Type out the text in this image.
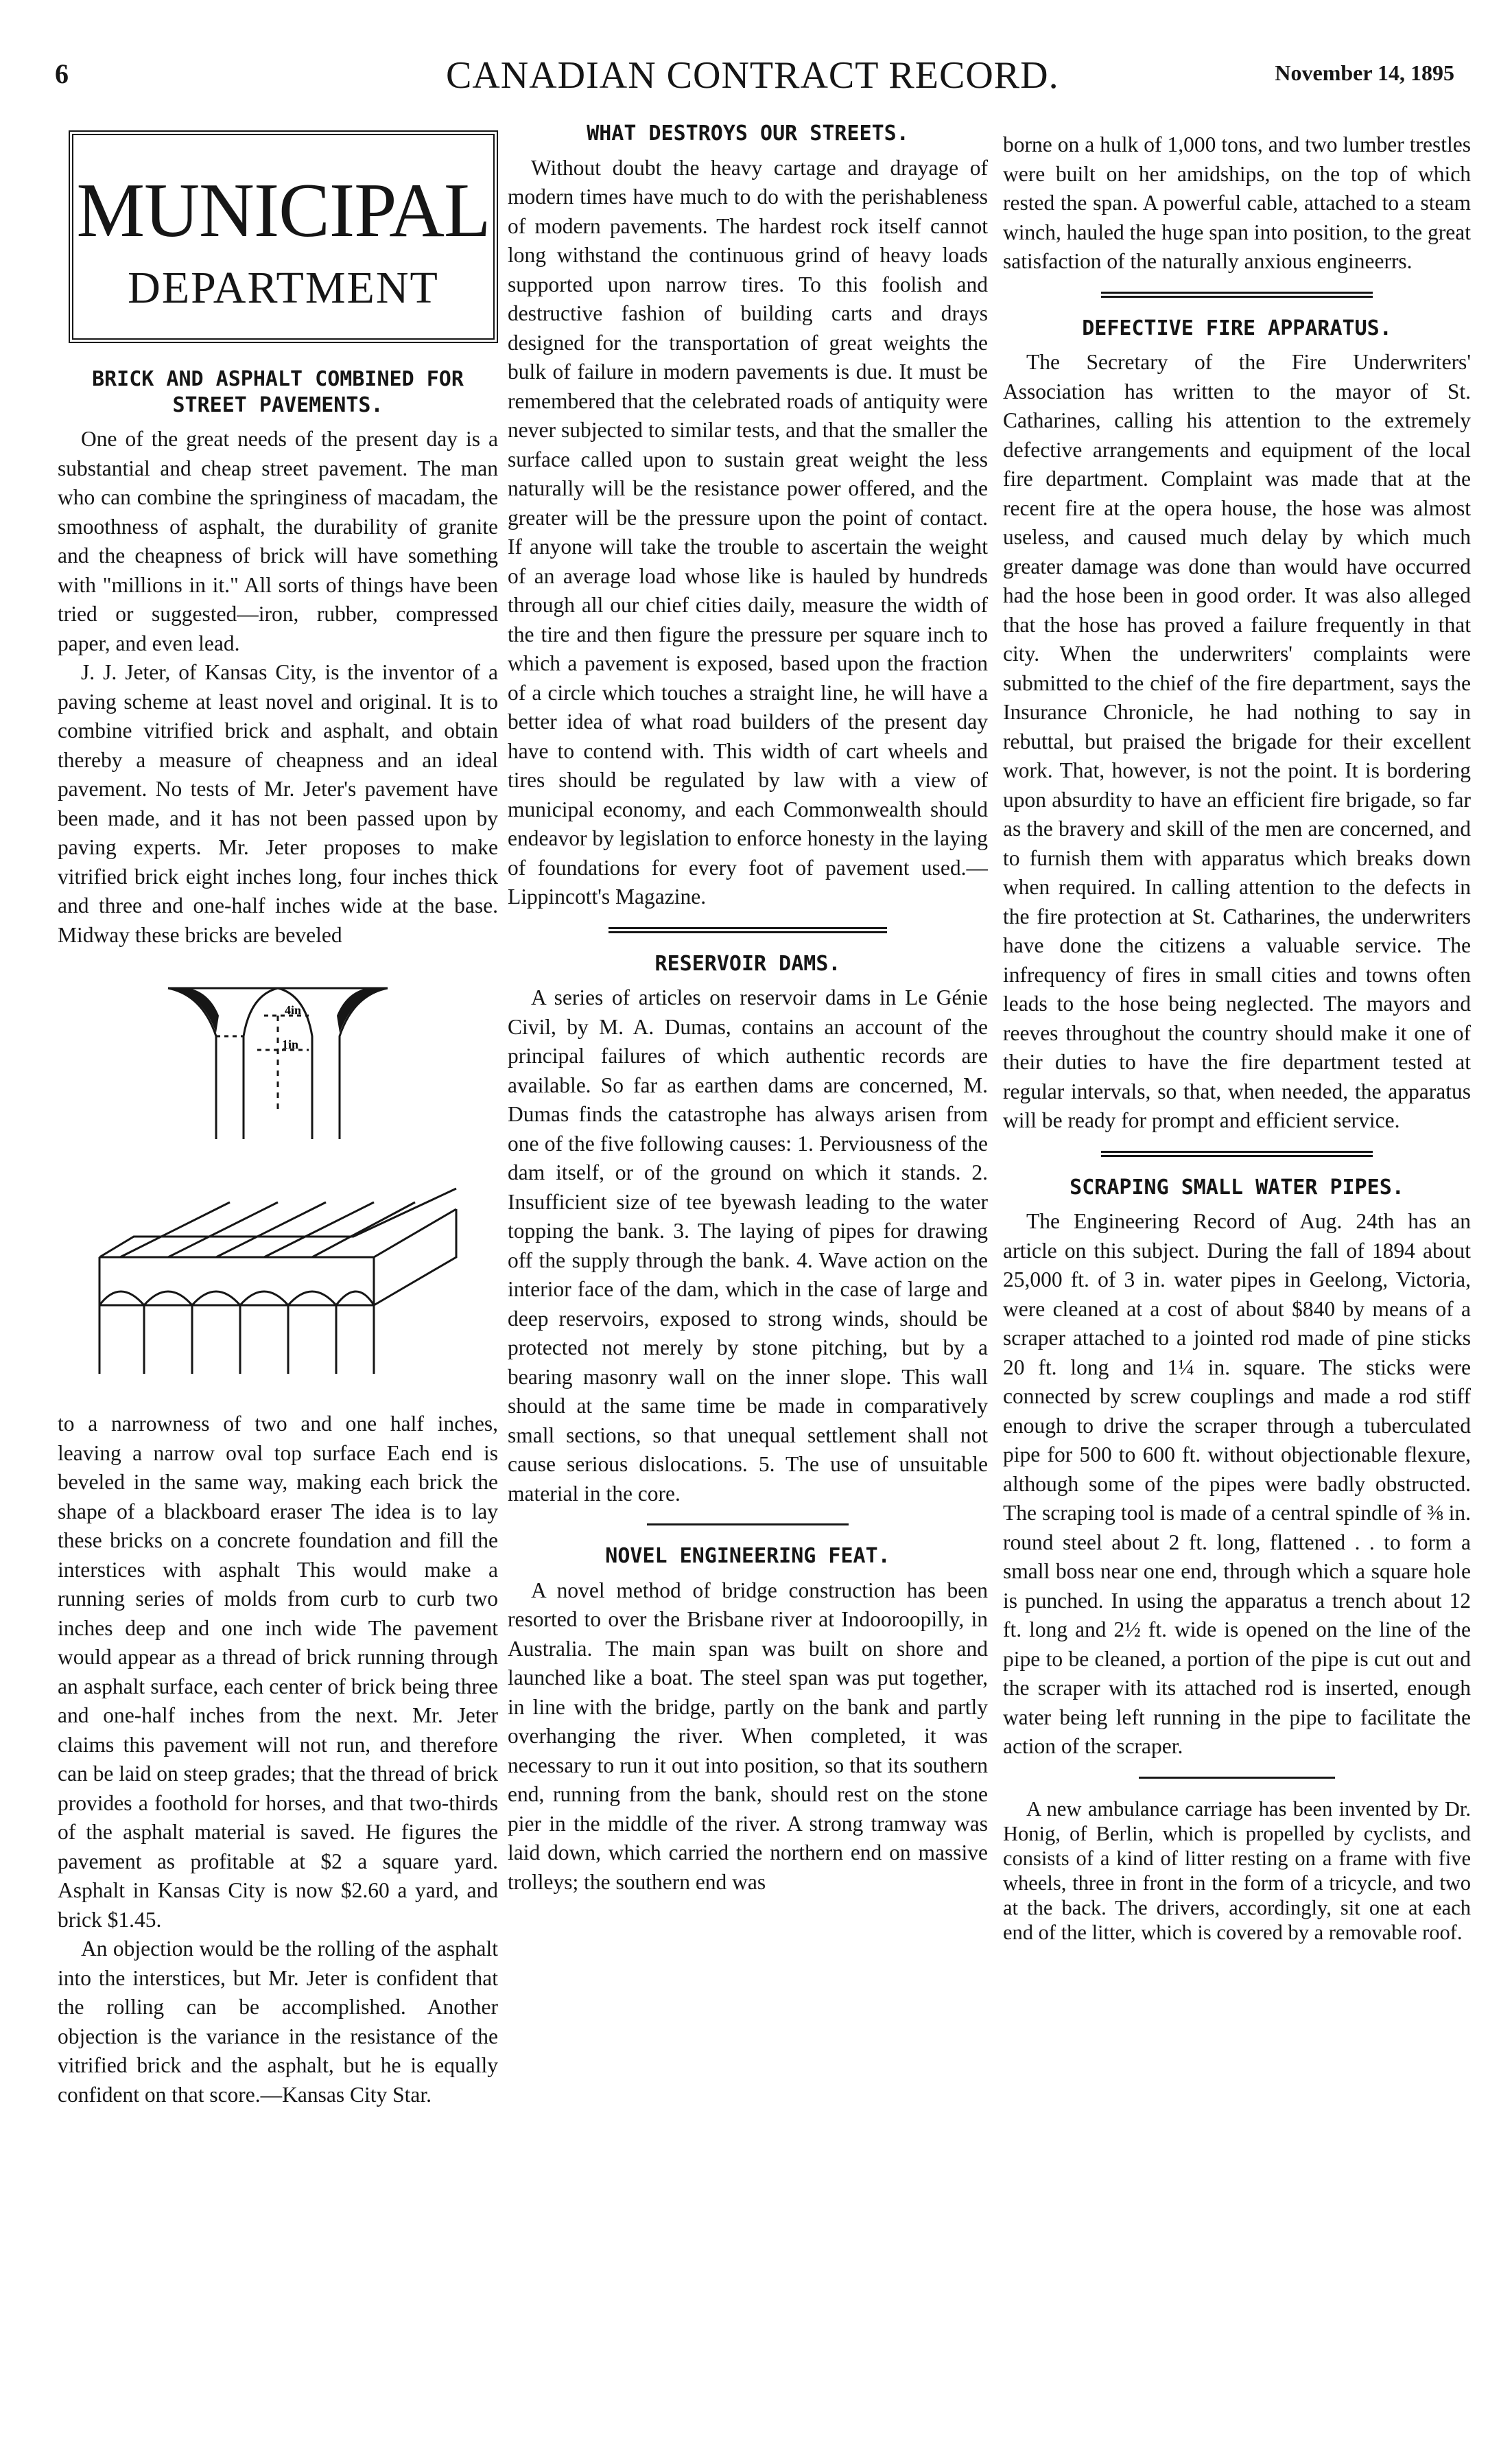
6	CANADIAN CONTRACT RECORD.	November 14, 1895
MUNICIPAL
DEPARTMENT
BRICK AND ASPHALT COMBINED FOR STREET PAVEMENTS.

One of the great needs of the present day is a substantial and cheap street pavement. The man who can combine the springiness of macadam, the smoothness of asphalt, the durability of granite and the cheapness of brick will have something with "millions in it." All sorts of things have been tried or suggested—iron, rubber, compressed paper, and even lead.

J. J. Jeter, of Kansas City, is the inventor of a paving scheme at least novel and original. It is to combine vitrified brick and asphalt, and obtain thereby a measure of cheapness and an ideal pavement. No tests of Mr. Jeter's pavement have been made, and it has not been passed upon by paving experts. Mr. Jeter proposes to make vitrified brick eight inches long, four inches thick and three and one-half inches wide at the base. Midway these bricks are beveled

4in
1in

to a narrowness of two and one half inches, leaving a narrow oval top surface Each end is beveled in the same way, making each brick the shape of a blackboard eraser The idea is to lay these bricks on a concrete foundation and fill the interstices with asphalt This would make a running series of molds from curb to curb two inches deep and one inch wide The pavement would appear as a thread of brick running through an asphalt surface, each center of brick being three and one-half inches from the next. Mr. Jeter claims this pavement will not run, and therefore can be laid on steep grades; that the thread of brick provides a foothold for horses, and that two-thirds of the asphalt material is saved. He figures the pavement as profitable at $2 a square yard. Asphalt in Kansas City is now $2.60 a yard, and brick $1.45.

An objection would be the rolling of the asphalt into the interstices, but Mr. Jeter is confident that the rolling can be accomplished. Another objection is the variance in the resistance of the vitrified brick and the asphalt, but he is equally confident on that score.—Kansas City Star.

WHAT DESTROYS OUR STREETS.

Without doubt the heavy cartage and drayage of modern times have much to do with the perishableness of modern pavements. The hardest rock itself cannot long withstand the continuous grind of heavy loads supported upon narrow tires. To this foolish and destructive fashion of building carts and drays designed for the transportation of great weights the bulk of failure in modern pavements is due. It must be remembered that the celebrated roads of antiquity were never subjected to similar tests, and that the smaller the surface called upon to sustain great weight the less naturally will be the resistance power offered, and the greater will be the pressure upon the point of contact. If anyone will take the trouble to ascertain the weight of an average load whose like is hauled by hundreds through all our chief cities daily, measure the width of the tire and then figure the pressure per square inch to which a pavement is exposed, based upon the fraction of a circle which touches a straight line, he will have a better idea of what road builders of the present day have to contend with. This width of cart wheels and tires should be regulated by law with a view of municipal economy, and each Commonwealth should endeavor by legislation to enforce honesty in the laying of foundations for every foot of pavement used.—Lippincott's Magazine.

RESERVOIR DAMS.

A series of articles on reservoir dams in Le Génie Civil, by M. A. Dumas, contains an account of the principal failures of which authentic records are available. So far as earthen dams are concerned, M. Dumas finds the catastrophe has always arisen from one of the five following causes: 1. Perviousness of the dam itself, or of the ground on which it stands. 2. Insufficient size of tee byewash leading to the water topping the bank. 3. The laying of pipes for drawing off the supply through the bank. 4. Wave action on the interior face of the dam, which in the case of large and deep reservoirs, exposed to strong winds, should be protected not merely by stone pitching, but by a bearing masonry wall on the inner slope. This wall should at the same time be made in comparatively small sections, so that unequal settlement shall not cause serious dislocations. 5. The use of unsuitable material in the core.

NOVEL ENGINEERING FEAT.

A novel method of bridge construction has been resorted to over the Brisbane river at Indooroopilly, in Australia. The main span was built on shore and launched like a boat. The steel span was put together, in line with the bridge, partly on the bank and partly overhanging the river. When completed, it was necessary to run it out into position, so that its southern end, running from the bank, should rest on the stone pier in the middle of the river. A strong tramway was laid down, which carried the northern end on massive trolleys; the southern end was

borne on a hulk of 1,000 tons, and two lumber trestles were built on her amidships, on the top of which rested the span. A powerful cable, attached to a steam winch, hauled the huge span into position, to the great satisfaction of the naturally anxious engineerrs.

DEFECTIVE FIRE APPARATUS.

The Secretary of the Fire Underwriters' Association has written to the mayor of St. Catharines, calling his attention to the extremely defective arrangements and equipment of the local fire department. Complaint was made that at the recent fire at the opera house, the hose was almost useless, and caused much delay by which much greater damage was done than would have occurred had the hose been in good order. It was also alleged that the hose has proved a failure frequently in that city. When the underwriters' complaints were submitted to the chief of the fire department, says the Insurance Chronicle, he had nothing to say in rebuttal, but praised the brigade for their excellent work. That, however, is not the point. It is bordering upon absurdity to have an efficient fire brigade, so far as the bravery and skill of the men are concerned, and to furnish them with apparatus which breaks down when required. In calling attention to the defects in the fire protection at St. Catharines, the underwriters have done the citizens a valuable service. The infrequency of fires in small cities and towns often leads to the hose being neglected. The mayors and reeves throughout the country should make it one of their duties to have the fire department tested at regular intervals, so that, when needed, the apparatus will be ready for prompt and efficient service.

SCRAPING SMALL WATER PIPES.

The Engineering Record of Aug. 24th has an article on this subject. During the fall of 1894 about 25,000 ft. of 3 in. water pipes in Geelong, Victoria, were cleaned at a cost of about $840 by means of a scraper attached to a jointed rod made of pine sticks 20 ft. long and 1¼ in. square. The sticks were connected by screw couplings and made a rod stiff enough to drive the scraper through a tuberculated pipe for 500 to 600 ft. without objectionable flexure, although some of the pipes were badly obstructed. The scraping tool is made of a central spindle of ⅜ in. round steel about 2 ft. long, flattened . . to form a small boss near one end, through which a square hole is punched. In using the apparatus a trench about 12 ft. long and 2½ ft. wide is opened on the line of the pipe to be cleaned, a portion of the pipe is cut out and the scraper with its attached rod is inserted, enough water being left running in the pipe to facilitate the action of the scraper.

A new ambulance carriage has been invented by Dr. Honig, of Berlin, which is propelled by cyclists, and consists of a kind of litter resting on a frame with five wheels, three in front in the form of a tricycle, and two at the back. The drivers, accordingly, sit one at each end of the litter, which is covered by a removable roof.
